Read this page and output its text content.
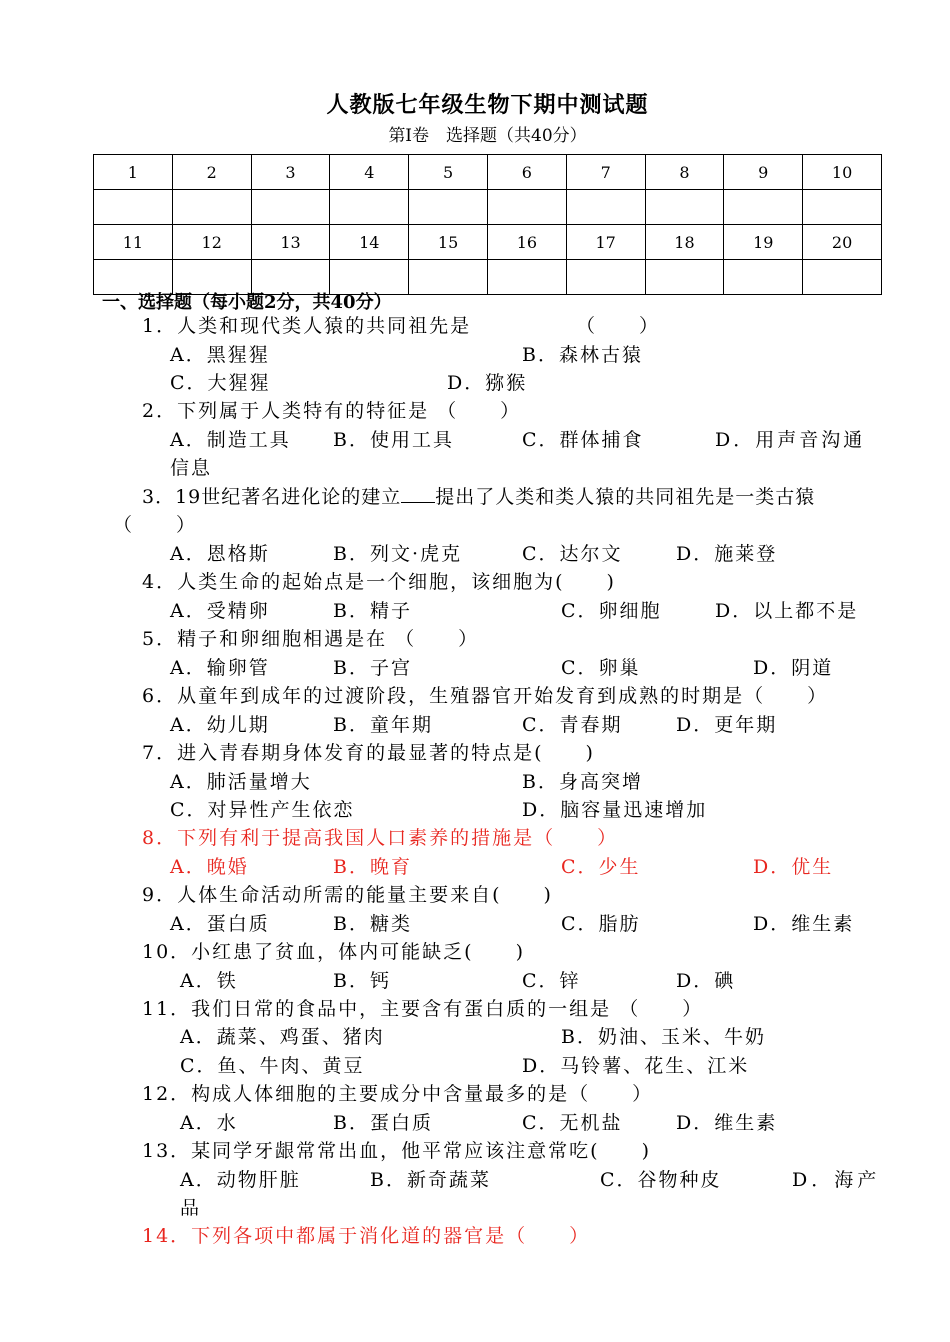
人教版七年级生物下期中测试题
第Ⅰ卷　选择题（共40分）
1	2	3	4	5	6	7	8	9	10

11	12	13	14	15	16	17	18	19	20

一、选择题（每小题2分，共40分）
1．人类和现代类人猿的共同祖先是	（　　）
A．黑猩猩	B．森林古猿
C．大猩猩	D．猕猴
2．下列属于人类特有的特征是 （　　）
A．制造工具 B．使用工具	C．群体捕食	D．用声音沟通
信息
3．19世纪著名进化论的建立 提出了人类和类人猿的共同祖先是一类古猿
（　　）
A．恩格斯	B．列文·虎克	C．达尔文	D．施莱登
4．人类生命的起始点是一个细胞，该细胞为(　　)
A．受精卵	B．精子	C．卵细胞	D．以上都不是
5．精子和卵细胞相遇是在 （　　）
A．输卵管	B．子宫	C．卵巢	D．阴道
6．从童年到成年的过渡阶段，生殖器官开始发育到成熟的时期是（　　）
A．幼儿期	B．童年期	C．青春期	D．更年期
7．进入青春期身体发育的最显著的特点是(　　)
A．肺活量增大	B．身高突增
C．对异性产生依恋	D．脑容量迅速增加
8．下列有利于提高我国人口素养的措施是（　　）
A．晚婚	B．晚育	C．少生	D．优生
9．人体生命活动所需的能量主要来自(　　)
A．蛋白质	B．糖类	C．脂肪	D．维生素
10．小红患了贫血，体内可能缺乏(　　)
A．铁	B．钙	C．锌	D．碘
11．我们日常的食品中，主要含有蛋白质的一组是 （　　）
A．蔬菜、鸡蛋、猪肉	B．奶油、玉米、牛奶
C．鱼、牛肉、黄豆	D．马铃薯、花生、江米
12．构成人体细胞的主要成分中含量最多的是（　　）
A．水	B．蛋白质	C．无机盐	D．维生素
13．某同学牙龈常常出血，他平常应该注意常吃(　　)
A．动物肝脏	B．新奇蔬菜	C．谷物种皮	D．海产
品
14．下列各项中都属于消化道的器官是（　　）
